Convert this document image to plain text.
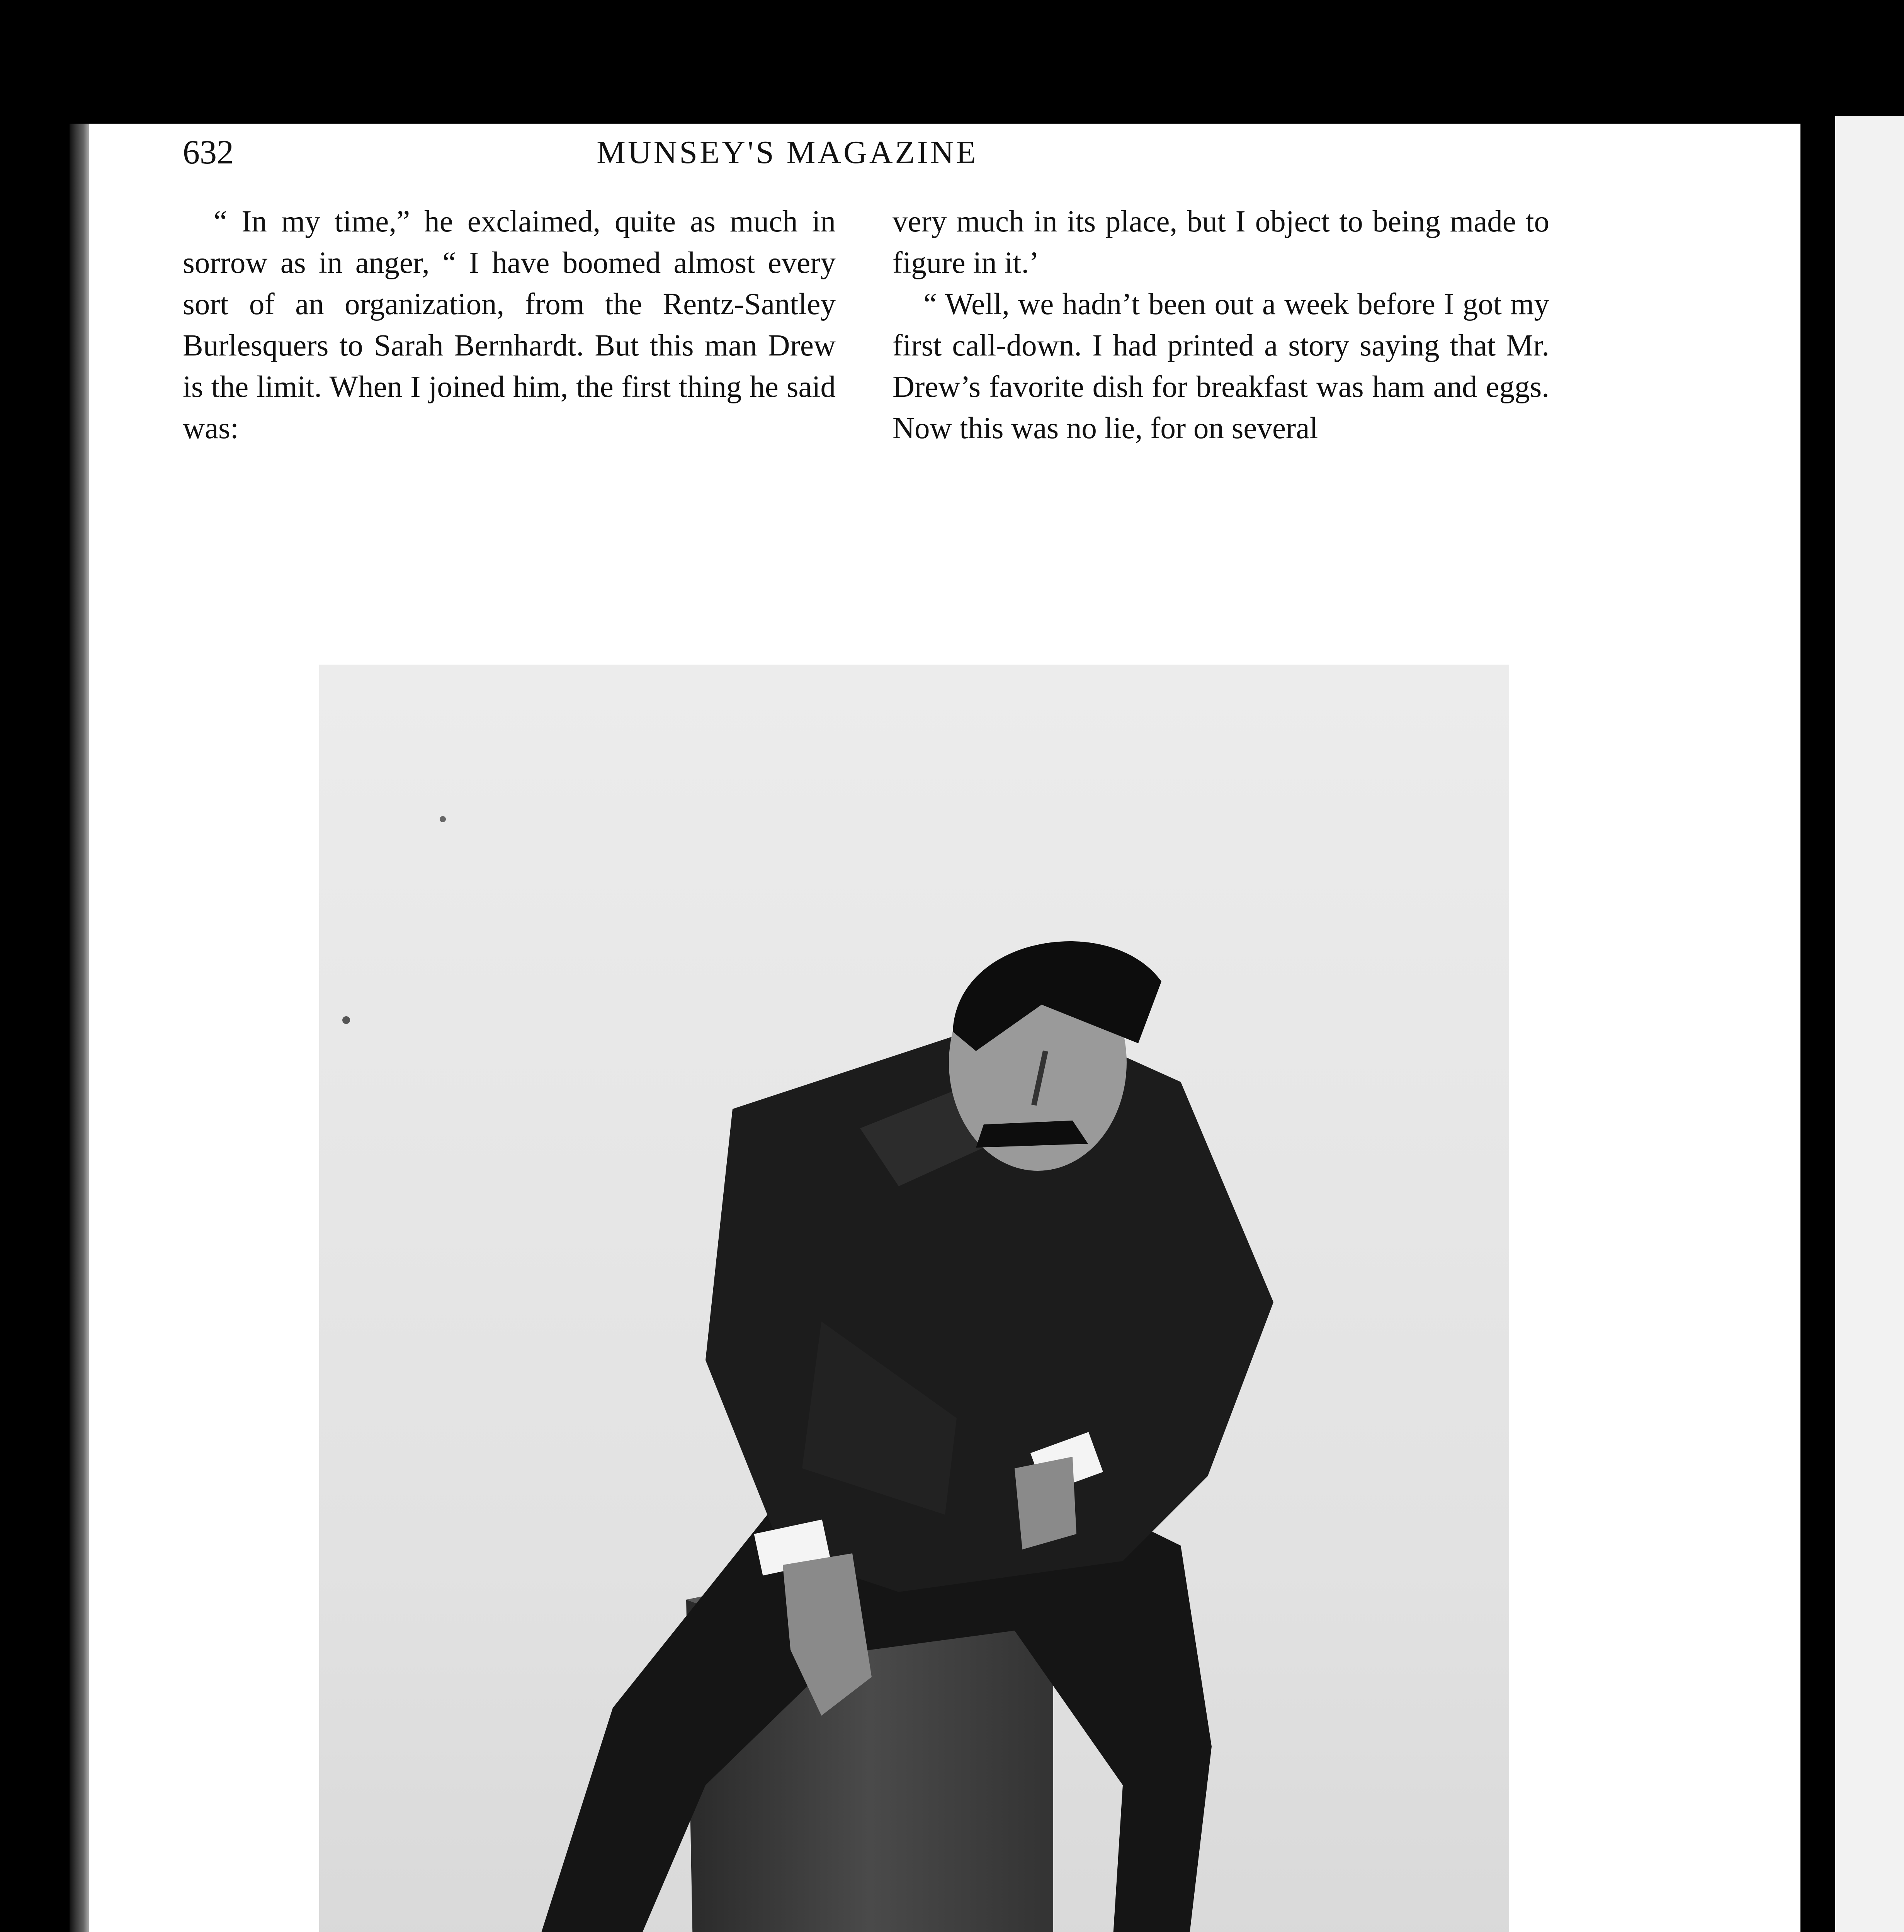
632	MUNSEY'S MAGAZINE

“ In my time,” he exclaimed, quite as much in sorrow as in anger, “ I have boomed almost every sort of an organization, from the Rentz-Santley Burlesquers to Sarah Bernhardt. But this man Drew is the limit. When I joined him, the first thing he said was:

very much in its place, but I object to being made to figure in it.’

“ Well, we hadn’t been out a week before I got my first call-down. I had printed a story saying that Mr. Drew’s favorite dish for breakfast was ham and eggs. Now this was no lie, for on several
